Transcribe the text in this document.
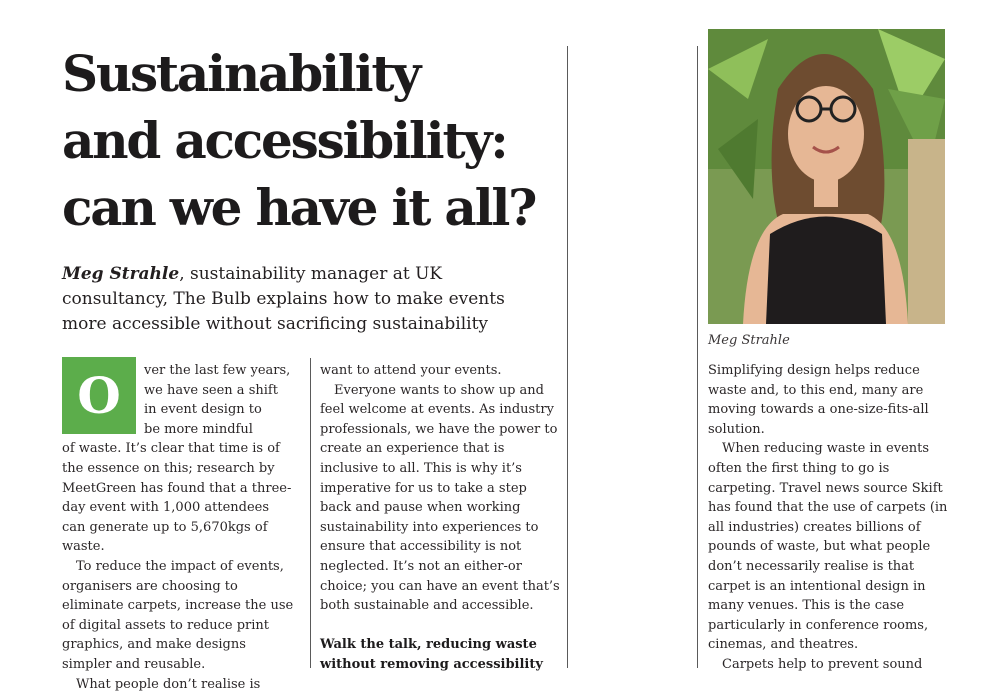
Sustainability
and accessibility:
can we have it all?
Meg Strahle, sustainability manager at UK
consultancy, The Bulb explains how to make events
more accessible without sacrificing sustainability
O	ver the last few years,
we have seen a shift
in event design to
be more mindful

of waste. It’s clear that time is of the essence on this; research by MeetGreen has found that a three-day event with 1,000 attendees can generate up to 5,670kgs of waste.

To reduce the impact of events, organisers are choosing to eliminate carpets, increase the use of digital assets to reduce print graphics, and make designs simpler and reusable.

What people don’t realise is

want to attend your events.

Everyone wants to show up and feel welcome at events. As industry professionals, we have the power to create an experience that is inclusive to all. This is why it’s imperative for us to take a step back and pause when working sustainability into experiences to ensure that accessibility is not neglected. It’s not an either-or choice; you can have an event that’s both sustainable and accessible.

Walk the talk, reducing waste without removing accessibility

Meg Strahle

Simplifying design helps reduce waste and, to this end, many are moving towards a one-size-fits-all solution.

When reducing waste in events often the first thing to go is carpeting. Travel news source Skift has found that the use of carpets (in all industries) creates billions of pounds of waste, but what people don’t necessarily realise is that carpet is an intentional design in many venues. This is the case particularly in conference rooms, cinemas, and theatres.

Carpets help to prevent sound
